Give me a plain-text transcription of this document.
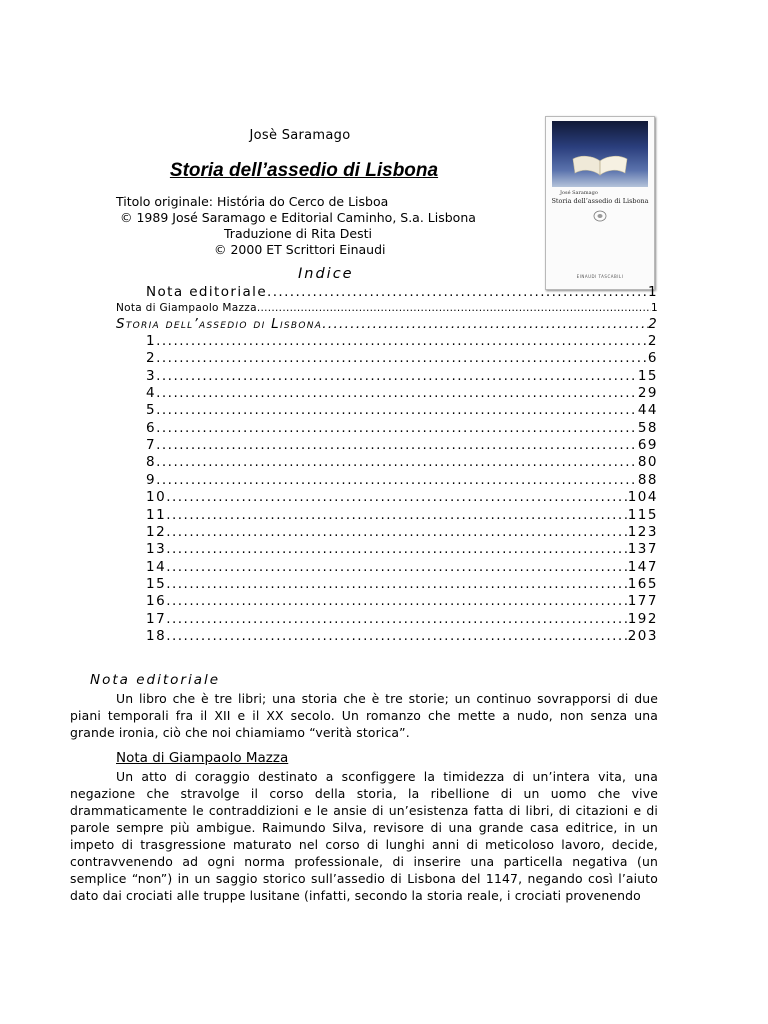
Josè Saramago
Storia dell’assedio di Lisbona
Titolo originale: História do Cerco de Lisboa
© 1989 José Saramago e Editorial Caminho, S.a. Lisbona
Traduzione di Rita Desti
© 2000 ET Scrittori Einaudi
José Saramago
Storia dell’assedio di Lisbona
EINAUDI TASCABILI
Indice
Nota editoriale .....	1
Nota di Giampaolo Mazza .....	1
Storia dell’assedio di Lisbona .....	2
1. .....	2
2. .....	6
3. .....	15
4. .....	29
5. .....	44
6. .....	58
7. .....	69
8. .....	80
9. .....	88
10 .....	104
11 .....	115
12 .....	123
13 .....	137
14 .....	147
15 .....	165
16 .....	177
17 .....	192
18 .....	203
Nota editoriale
Un libro che è tre libri; una storia che è tre storie; un continuo sovrapporsi di due piani temporali fra il XII e il XX secolo. Un romanzo che mette a nudo, non senza una grande ironia, ciò che noi chiamiamo “verità storica”.
Nota di Giampaolo Mazza
Un atto di coraggio destinato a sconfiggere la timidezza di un’intera vita, una negazione che stravolge il corso della storia, la ribellione di un uomo che vive drammaticamente le contraddizioni e le ansie di un’esistenza fatta di libri, di citazioni e di parole sempre più ambigue. Raimundo Silva, revisore di una grande casa editrice, in un impeto di trasgressione maturato nel corso di lunghi anni di meticoloso lavoro, decide, contravvenendo ad ogni norma professionale, di inserire una particella negativa (un semplice “non”) in un saggio storico sull’assedio di Lisbona del 1147, negando così l’aiuto dato dai crociati alle truppe lusitane (infatti, secondo la storia reale, i crociati provenendo
